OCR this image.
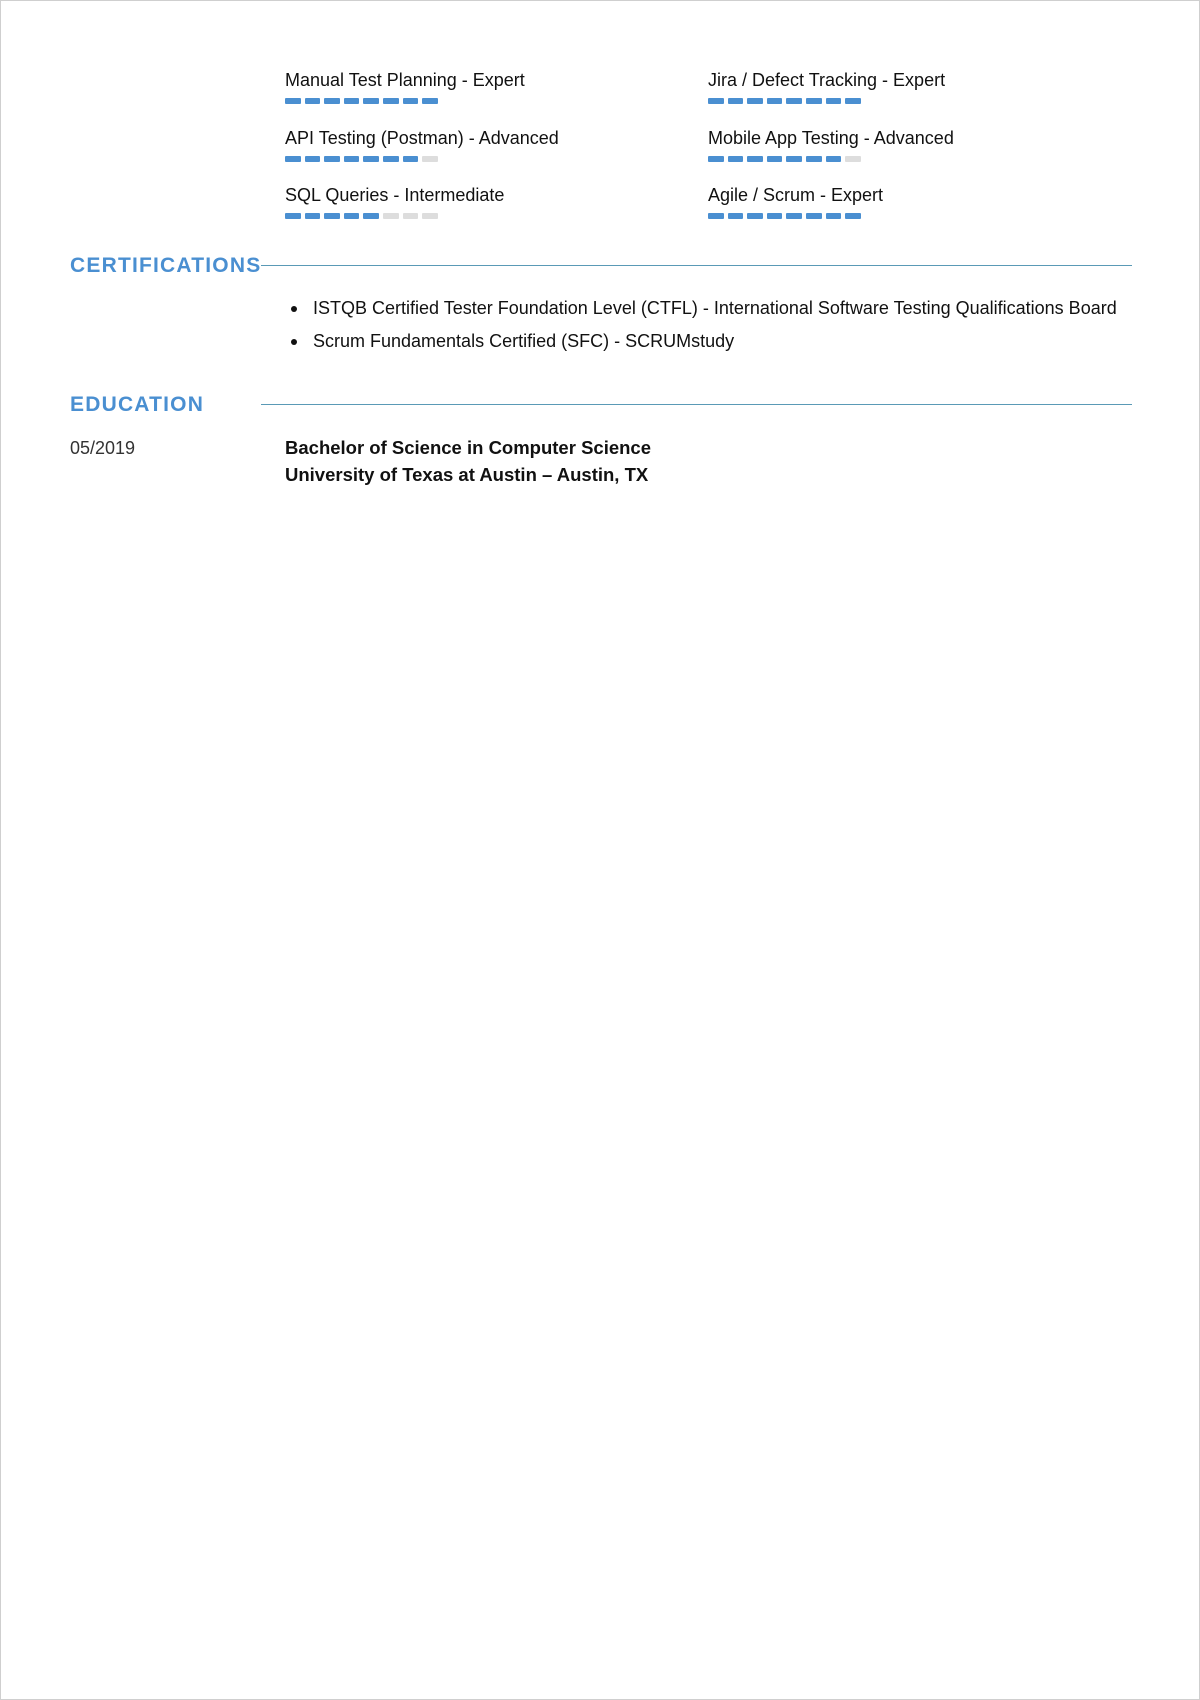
Manual Test Planning - Expert	Jira / Defect Tracking - Expert
API Testing (Postman) - Advanced	Mobile App Testing - Advanced
SQL Queries - Intermediate	Agile / Scrum - Expert
CERTIFICATIONS
ISTQB Certified Tester Foundation Level (CTFL) - International Software Testing Qualifications Board
Scrum Fundamentals Certified (SFC) - SCRUMstudy
EDUCATION
05/2019	Bachelor of Science in Computer Science
University of Texas at Austin – Austin, TX
